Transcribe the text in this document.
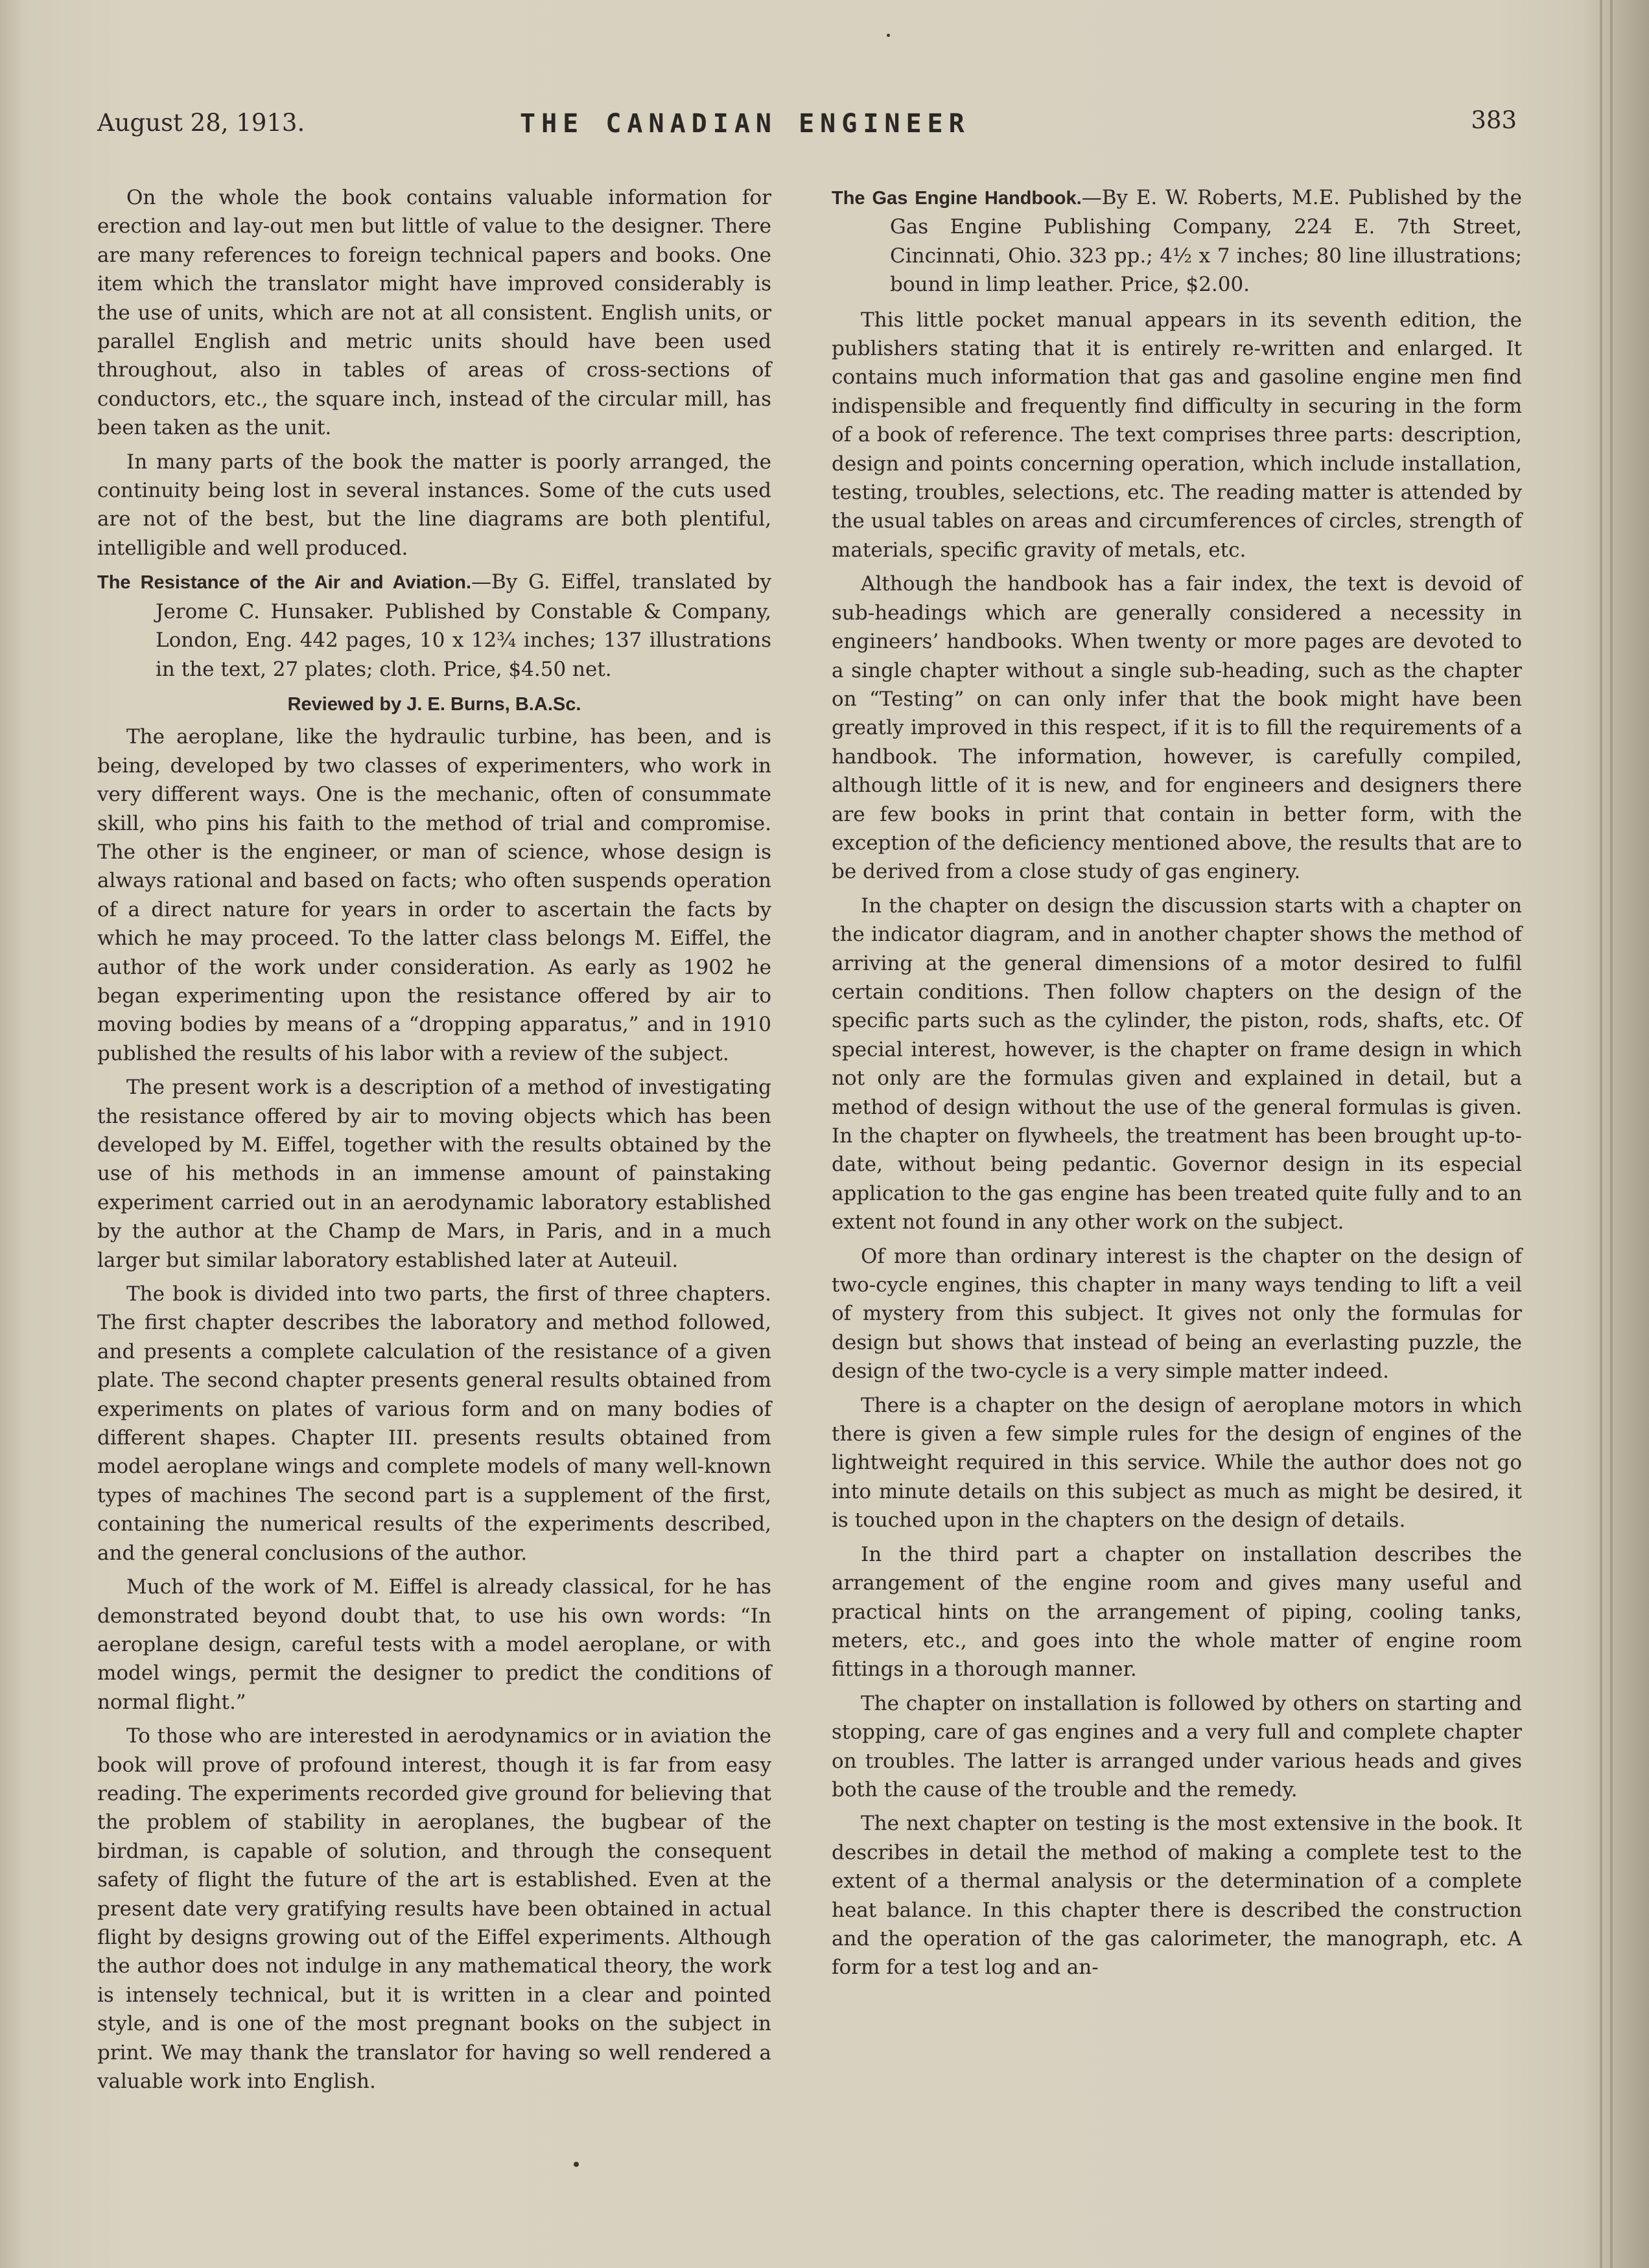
August 28, 1913.	THE CANADIAN ENGINEER	383

On the whole the book contains valuable information for erection and lay-out men but little of value to the designer. There are many references to foreign technical papers and books. One item which the translator might have improved considerably is the use of units, which are not at all consistent. English units, or parallel English and metric units should have been used throughout, also in tables of areas of cross-sections of conductors, etc., the square inch, instead of the circular mill, has been taken as the unit.

In many parts of the book the matter is poorly arranged, the continuity being lost in several instances. Some of the cuts used are not of the best, but the line diagrams are both plentiful, intelligible and well produced.

The Resistance of the Air and Aviation.—By G. Eiffel, translated by Jerome C. Hunsaker. Published by Constable & Company, London, Eng. 442 pages, 10 x 12¾ inches; 137 illustrations in the text, 27 plates; cloth. Price, $4.50 net.
Reviewed by J. E. Burns, B.A.Sc.

The aeroplane, like the hydraulic turbine, has been, and is being, developed by two classes of experimenters, who work in very different ways. One is the mechanic, often of consummate skill, who pins his faith to the method of trial and compromise. The other is the engineer, or man of science, whose design is always rational and based on facts; who often suspends operation of a direct nature for years in order to ascertain the facts by which he may proceed. To the latter class belongs M. Eiffel, the author of the work under consideration. As early as 1902 he began experimenting upon the resistance offered by air to moving bodies by means of a “dropping apparatus,” and in 1910 published the results of his labor with a review of the subject.

The present work is a description of a method of investigating the resistance offered by air to moving objects which has been developed by M. Eiffel, together with the results obtained by the use of his methods in an immense amount of painstaking experiment carried out in an aerodynamic laboratory established by the author at the Champ de Mars, in Paris, and in a much larger but similar laboratory established later at Auteuil.

The book is divided into two parts, the first of three chapters. The first chapter describes the laboratory and method followed, and presents a complete calculation of the resistance of a given plate. The second chapter presents general results obtained from experiments on plates of various form and on many bodies of different shapes. Chapter III. presents results obtained from model aeroplane wings and complete models of many well-known types of machines The second part is a supplement of the first, containing the numerical results of the experiments described, and the general conclusions of the author.

Much of the work of M. Eiffel is already classical, for he has demonstrated beyond doubt that, to use his own words: “In aeroplane design, careful tests with a model aeroplane, or with model wings, permit the designer to predict the conditions of normal flight.”

To those who are interested in aerodynamics or in aviation the book will prove of profound interest, though it is far from easy reading. The experiments recorded give ground for believing that the problem of stability in aeroplanes, the bugbear of the birdman, is capable of solution, and through the consequent safety of flight the future of the art is established. Even at the present date very gratifying results have been obtained in actual flight by designs growing out of the Eiffel experiments. Although the author does not indulge in any mathematical theory, the work is intensely technical, but it is written in a clear and pointed style, and is one of the most pregnant books on the subject in print. We may thank the translator for having so well rendered a valuable work into English.

The Gas Engine Handbook.—By E. W. Roberts, M.E. Published by the Gas Engine Publishing Company, 224 E. 7th Street, Cincinnati, Ohio. 323 pp.; 4½ x 7 inches; 80 line illustrations; bound in limp leather. Price, $2.00.

This little pocket manual appears in its seventh edition, the publishers stating that it is entirely re-written and enlarged. It contains much information that gas and gasoline engine men find indispensible and frequently find difficulty in securing in the form of a book of reference. The text comprises three parts: description, design and points concerning operation, which include installation, testing, troubles, selections, etc. The reading matter is attended by the usual tables on areas and circumferences of circles, strength of materials, specific gravity of metals, etc.

Although the handbook has a fair index, the text is devoid of sub-headings which are generally considered a necessity in engineers’ handbooks. When twenty or more pages are devoted to a single chapter without a single sub-heading, such as the chapter on “Testing” on can only infer that the book might have been greatly improved in this respect, if it is to fill the requirements of a handbook. The information, however, is carefully compiled, although little of it is new, and for engineers and designers there are few books in print that contain in better form, with the exception of the deficiency mentioned above, the results that are to be derived from a close study of gas enginery.

In the chapter on design the discussion starts with a chapter on the indicator diagram, and in another chapter shows the method of arriving at the general dimensions of a motor desired to fulfil certain conditions. Then follow chapters on the design of the specific parts such as the cylinder, the piston, rods, shafts, etc. Of special interest, however, is the chapter on frame design in which not only are the formulas given and explained in detail, but a method of design without the use of the general formulas is given. In the chapter on flywheels, the treatment has been brought up-to-date, without being pedantic. Governor design in its especial application to the gas engine has been treated quite fully and to an extent not found in any other work on the subject.

Of more than ordinary interest is the chapter on the design of two-cycle engines, this chapter in many ways tending to lift a veil of mystery from this subject. It gives not only the formulas for design but shows that instead of being an everlasting puzzle, the design of the two-cycle is a very simple matter indeed.

There is a chapter on the design of aeroplane motors in which there is given a few simple rules for the design of engines of the lightweight required in this service. While the author does not go into minute details on this subject as much as might be desired, it is touched upon in the chapters on the design of details.

In the third part a chapter on installation describes the arrangement of the engine room and gives many useful and practical hints on the arrangement of piping, cooling tanks, meters, etc., and goes into the whole matter of engine room fittings in a thorough manner.

The chapter on installation is followed by others on starting and stopping, care of gas engines and a very full and complete chapter on troubles. The latter is arranged under various heads and gives both the cause of the trouble and the remedy.

The next chapter on testing is the most extensive in the book. It describes in detail the method of making a complete test to the extent of a thermal analysis or the determination of a complete heat balance. In this chapter there is described the construction and the operation of the gas calorimeter, the manograph, etc. A form for a test log and an-
